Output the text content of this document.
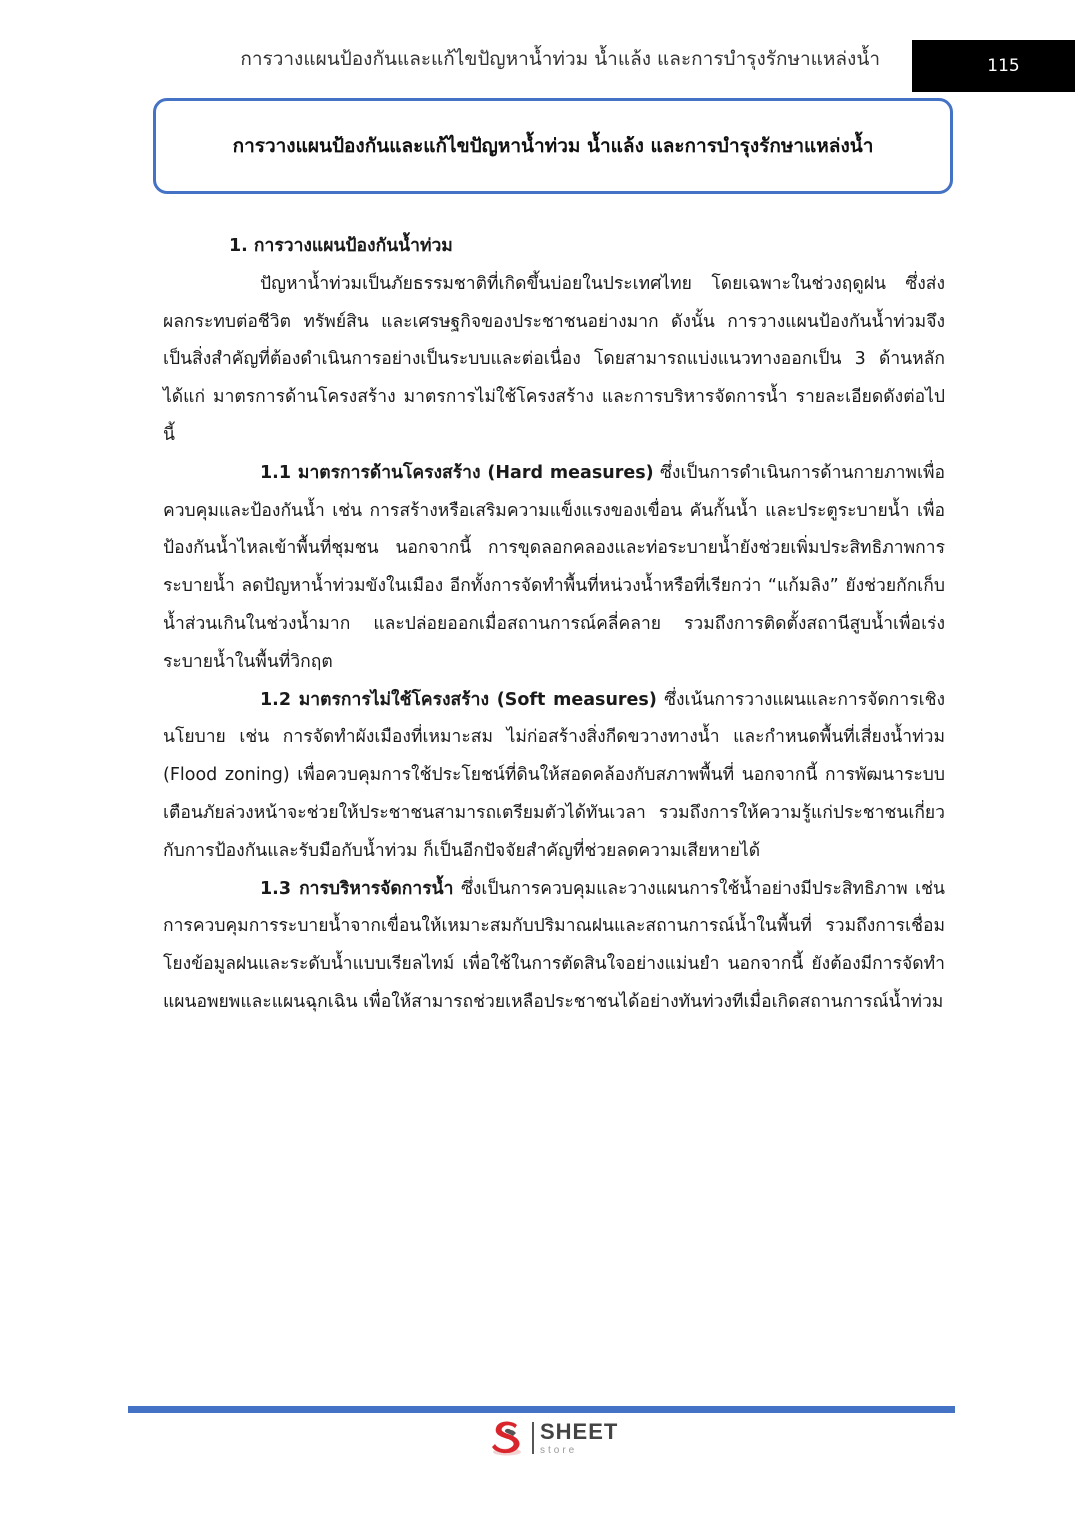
การวางแผนป้องกันและแก้ไขปัญหาน้ำท่วม น้ำแล้ง และการบำรุงรักษาแหล่งน้ำ	115
การวางแผนป้องกันและแก้ไขปัญหาน้ำท่วม น้ำแล้ง และการบำรุงรักษาแหล่งน้ำ

1. การวางแผนป้องกันน้ำท่วม

ปัญหาน้ำท่วมเป็นภัยธรรมชาติที่เกิดขึ้นบ่อยในประเทศไทย โดยเฉพาะในช่วงฤดูฝน ซึ่งส่งผลกระทบต่อชีวิต ทรัพย์สิน และเศรษฐกิจของประชาชนอย่างมาก ดังนั้น การวางแผนป้องกันน้ำท่วมจึงเป็นสิ่งสำคัญที่ต้องดำเนินการอย่างเป็นระบบและต่อเนื่อง โดยสามารถแบ่งแนวทางออกเป็น 3 ด้านหลัก ได้แก่ มาตรการด้านโครงสร้าง มาตรการไม่ใช้โครงสร้าง และการบริหารจัดการน้ำ รายละเอียดดังต่อไปนี้

1.1 มาตรการด้านโครงสร้าง (Hard measures) ซึ่งเป็นการดำเนินการด้านกายภาพเพื่อควบคุมและป้องกันน้ำ เช่น การสร้างหรือเสริมความแข็งแรงของเขื่อน คันกั้นน้ำ และประตูระบายน้ำ เพื่อป้องกันน้ำไหลเข้าพื้นที่ชุมชน นอกจากนี้ การขุดลอกคลองและท่อระบายน้ำยังช่วยเพิ่มประสิทธิภาพการระบายน้ำ ลดปัญหาน้ำท่วมขังในเมือง อีกทั้งการจัดทำพื้นที่หน่วงน้ำหรือที่เรียกว่า “แก้มลิง” ยังช่วยกักเก็บน้ำส่วนเกินในช่วงน้ำมาก และปล่อยออกเมื่อสถานการณ์คลี่คลาย รวมถึงการติดตั้งสถานีสูบน้ำเพื่อเร่งระบายน้ำในพื้นที่วิกฤต

1.2 มาตรการไม่ใช้โครงสร้าง (Soft measures) ซึ่งเน้นการวางแผนและการจัดการเชิงนโยบาย เช่น การจัดทำผังเมืองที่เหมาะสม ไม่ก่อสร้างสิ่งกีดขวางทางน้ำ และกำหนดพื้นที่เสี่ยงน้ำท่วม (Flood zoning) เพื่อควบคุมการใช้ประโยชน์ที่ดินให้สอดคล้องกับสภาพพื้นที่ นอกจากนี้ การพัฒนาระบบเตือนภัยล่วงหน้าจะช่วยให้ประชาชนสามารถเตรียมตัวได้ทันเวลา รวมถึงการให้ความรู้แก่ประชาชนเกี่ยวกับการป้องกันและรับมือกับน้ำท่วม ก็เป็นอีกปัจจัยสำคัญที่ช่วยลดความเสียหายได้

1.3 การบริหารจัดการน้ำ ซึ่งเป็นการควบคุมและวางแผนการใช้น้ำอย่างมีประสิทธิภาพ เช่น การควบคุมการระบายน้ำจากเขื่อนให้เหมาะสมกับปริมาณฝนและสถานการณ์น้ำในพื้นที่ รวมถึงการเชื่อมโยงข้อมูลฝนและระดับน้ำแบบเรียลไทม์ เพื่อใช้ในการตัดสินใจอย่างแม่นยำ นอกจากนี้ ยังต้องมีการจัดทำแผนอพยพและแผนฉุกเฉิน เพื่อให้สามารถช่วยเหลือประชาชนได้อย่างทันท่วงทีเมื่อเกิดสถานการณ์น้ำท่วม

SHEET
store
